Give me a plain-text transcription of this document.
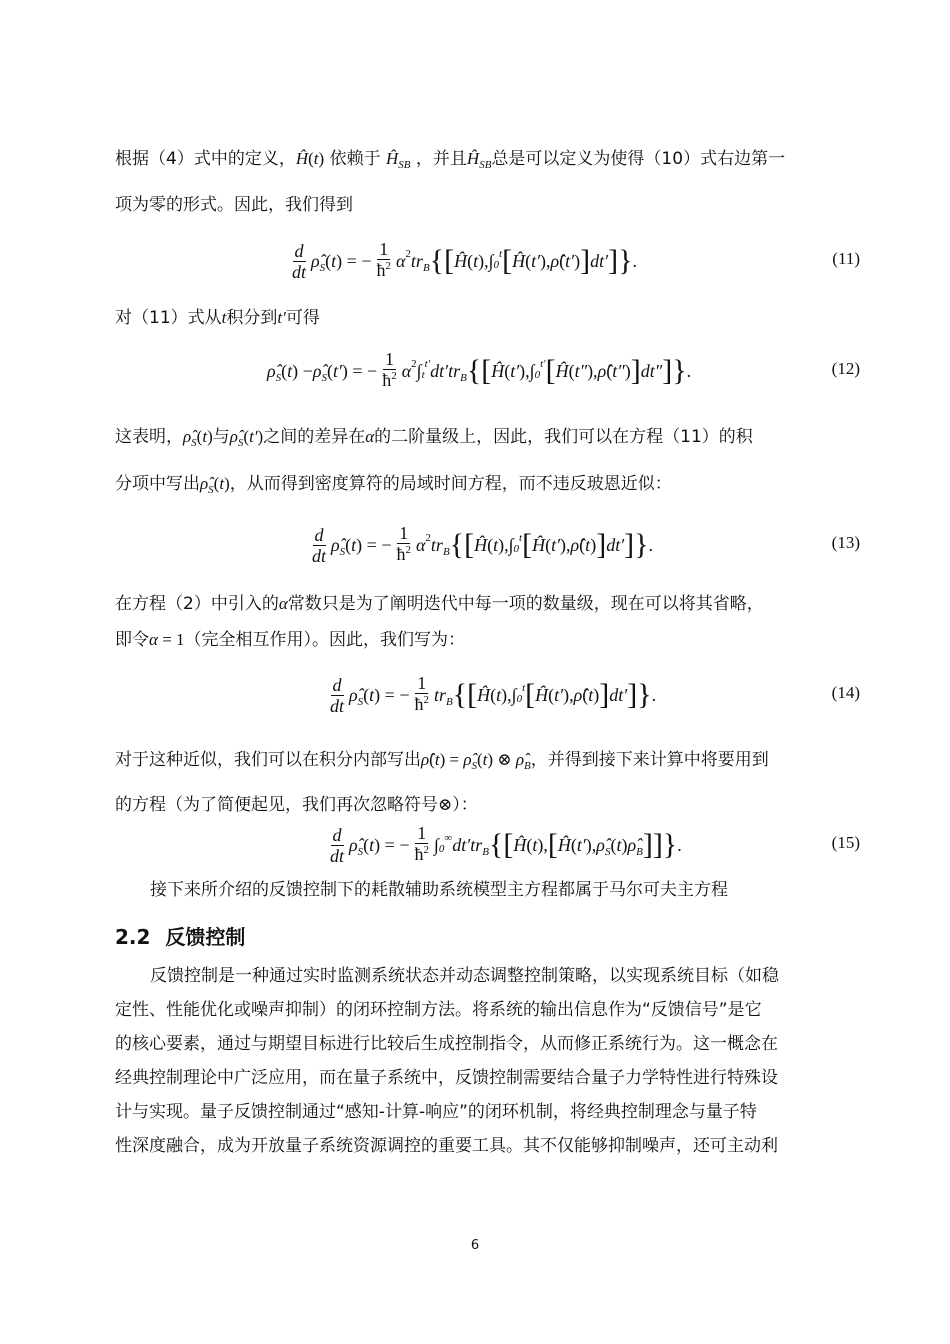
根据（4）式中的定义，Ĥ(t) 依赖于 $Ĥ_{SB}$ ，并且$Ĥ_{SB}$总是可以定义为使得（10）式右边第一
项为零的形式。因此，我们得到
$\frac{d}{dt}$ $\rhô_S$ ( t ) = − $\frac{1}{ħ^2}$ α 2 $tr_B$ {[ Ĥ ( t ), ∫ 0
t [ Ĥ ( t′ ), ρ̂ ( t′ ) ] dt′ ]} .	(11)
对（11）式从t积分到t′可得
$\rhô_S$ ( t ) − $\rhô_S$ ( t′ ) = − $\frac{1}{ħ^2}$ α 2 ∫ t
t′ $dt'tr_B$ {[ Ĥ ( t′ ), ∫ 0
t′ [ Ĥ ( t″ ), ρ̂ ( t″ ) ] dt″ ]} .	(12)
这表明，$\rhô_S(t)$与$\rhô_S(t')$之间的差异在α的二阶量级上，因此，我们可以在方程（11）的积
分项中写出$\rhô_S(t)$，从而得到密度算符的局域时间方程，而不违反玻恩近似：
$\frac{d}{dt}$ $\rhô_S$ ( t ) = − $\frac{1}{ħ^2}$ α 2 $tr_B$ {[ Ĥ ( t ), ∫ 0
t [ Ĥ ( t′ ), ρ̂ ( t ) ] dt′ ]} .	(13)
在方程（2）中引入的α常数只是为了阐明迭代中每一项的数量级，现在可以将其省略，
即令α = 1（完全相互作用）。因此，我们写为：
$\frac{d}{dt}$ $\rhô_S$ ( t ) = − $\frac{1}{ħ^2} tr_B$ {[ Ĥ ( t ), ∫ 0
t [ Ĥ ( t′ ), ρ̂ ( t ) ] dt′ ]} .	(14)
对于这种近似，我们可以在积分内部写出ρ̂(t) = $\rhô_S(t)$ ⊗ $\rhô_B$，并得到接下来计算中将要用到
的方程（为了简便起见，我们再次忽略符号⊗）：
$\frac{d}{dt}$ $\rhô_S$ ( t ) = − $\frac{1}{ħ^2}$ ∫ 0
∞ $dt'tr_B$ {[ Ĥ ( t ), [ Ĥ ( t′ ), $\rhô_S$ ( t ) $\rhô_B$ ]]} .	(15)
接下来所介绍的反馈控制下的耗散辅助系统模型主方程都属于马尔可夫主方程
2.2 反馈控制
反馈控制是一种通过实时监测系统状态并动态调整控制策略，以实现系统目标（如稳
定性、性能优化或噪声抑制）的闭环控制方法。将系统的输出信息作为“反馈信号”是它
的核心要素，通过与期望目标进行比较后生成控制指令，从而修正系统行为。这一概念在
经典控制理论中广泛应用，而在量子系统中，反馈控制需要结合量子力学特性进行特殊设
计与实现。量子反馈控制通过“感知-计算-响应”的闭环机制，将经典控制理念与量子特
性深度融合，成为开放量子系统资源调控的重要工具。其不仅能够抑制噪声，还可主动利
6
